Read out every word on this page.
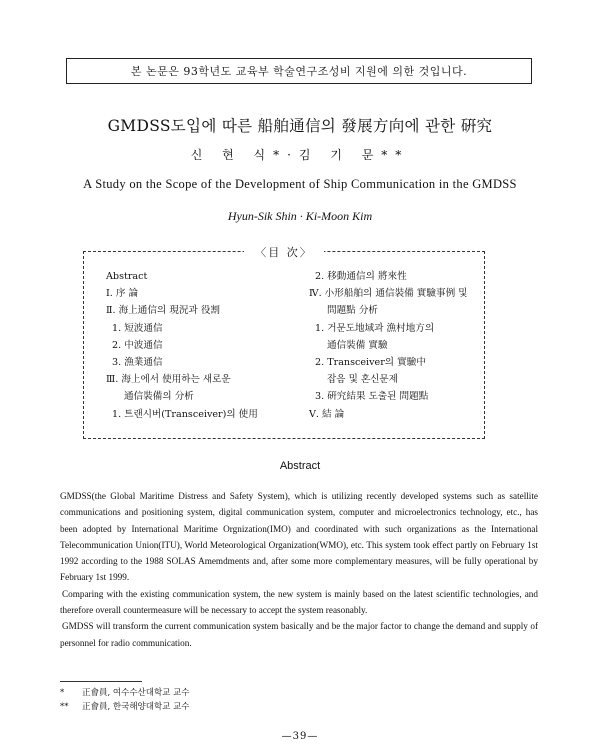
본 논문은 93학년도 교육부 학술연구조성비 지원에 의한 것입니다.
GMDSS도입에 따른 船舶通信의 發展方向에 관한 硏究
신 현 식*·김 기 문**
A Study on the Scope of the Development of Ship Communication in the GMDSS
Hyun-Sik Shin · Ki-Moon Kim
〈目 次〉
Abstract
Ⅰ. 序 論
Ⅱ. 海上通信의 現況과 役割
1. 短波通信
2. 中波通信
3. 漁業通信
Ⅲ. 海上에서 使用하는 새로운
通信裝備의 分析
1. 트랜시버(Transceiver)의 使用
2. 移動通信의 將來性
Ⅳ. 小形船舶의 通信裝備 實驗事例 및
問題點 分析
1. 거문도地域과 漁村地方의
通信裝備 實驗
2. Transceiver의 實驗中
잡음 및 혼신문제
3. 硏究結果 도출된 問題點
Ⅴ. 結 論
Abstract

GMDSS(the Global Maritime Distress and Safety System), which is utilizing recently developed systems such as satellite communications and positioning system, digital communication system, computer and microelectronics technology, etc., has been adopted by International Maritime Orgnization(IMO) and coordinated with such organizations as the International Telecommunication Union(ITU), World Meteorological Organization(WMO), etc. This system took effect partly on February 1st 1992 according to the 1988 SOLAS Amemdments and, after some more complementary measures, will be fully operational by February 1st 1999.

Comparing with the existing communication system, the new system is mainly based on the latest scientific technologies, and therefore overall countermeasure will be necessary to accept the system reasonably.

GMDSS will transform the current communication system basically and be the major factor to change the demand and supply of personnel for radio communication.

* 正會員, 여수수산대학교 교수
** 正會員, 한국해양대학교 교수
—39—
